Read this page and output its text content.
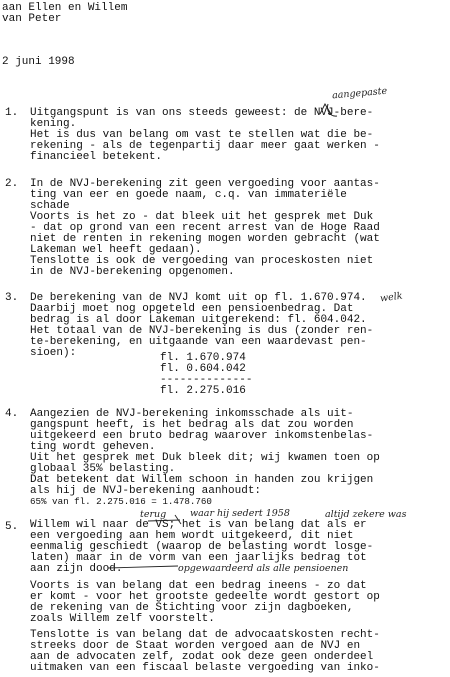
aan Ellen en Willem
van Peter
2 juni 1998
1. Uitgangspunt is van ons steeds geweest: de NVJ-bere-
kening.
Het is dus van belang om vast te stellen wat die be-
rekening - als de tegenpartij daar meer gaat werken -
financieel betekent.
2. In de NVJ-berekening zit geen vergoeding voor aantas-
ting van eer en goede naam, c.q. van immateriële
schade
Voorts is het zo - dat bleek uit het gesprek met Duk
- dat op grond van een recent arrest van de Hoge Raad
niet de renten in rekening mogen worden gebracht (wat
Lakeman wel heeft gedaan).
Tenslotte is ook de vergoeding van proceskosten niet
in de NVJ-berekening opgenomen.
3. De berekening van de NVJ komt uit op fl. 1.670.974.
Daarbij moet nog opgeteld een pensioenbedrag. Dat
bedrag is al door Lakeman uitgerekend: fl. 604.042.
Het totaal van de NVJ-berekening is dus (zonder ren-
te-berekening, en uitgaande van een waardevast pen-
sioen):	fl. 1.670.974
fl. 0.604.042
--------------
fl. 2.275.016
4. Aangezien de NVJ-berekening inkomsschade als uit-
gangspunt heeft, is het bedrag als dat zou worden
uitgekeerd een bruto bedrag waarover inkomstenbelas-
ting wordt geheven.
Uit het gesprek met Duk bleek dit; wij kwamen toen op
globaal 35% belasting.
Dat betekent dat Willem schoon in handen zou krijgen
als hij de NVJ-berekening aanhoudt:
65% van fl. 2.275.016 = 1.478.760
5. Willem wil naar de VS; het is van belang dat als er
een vergoeding aan hem wordt uitgekeerd, dit niet
eenmalig geschiedt (waarop de belasting wordt losge-
laten) maar in de vorm van een jaarlijks bedrag tot
aan zijn dood.
Voorts is van belang dat een bedrag ineens - zo dat
er komt - voor het grootste gedeelte wordt gestort op
de rekening van de Stichting voor zijn dagboeken,
zoals Willem zelf voorstelt.
Tenslotte is van belang dat de advocaatskosten recht-
streeks door de Staat worden vergoed aan de NVJ en
aan de advocaten zelf, zodat ook deze geen onderdeel
uitmaken van een fiscaal belaste vergoeding van inko-
aangepaste
welk
terug	waar hij sedert 1958	altijd zekere was
opgewaardeerd als alle pensioenen
